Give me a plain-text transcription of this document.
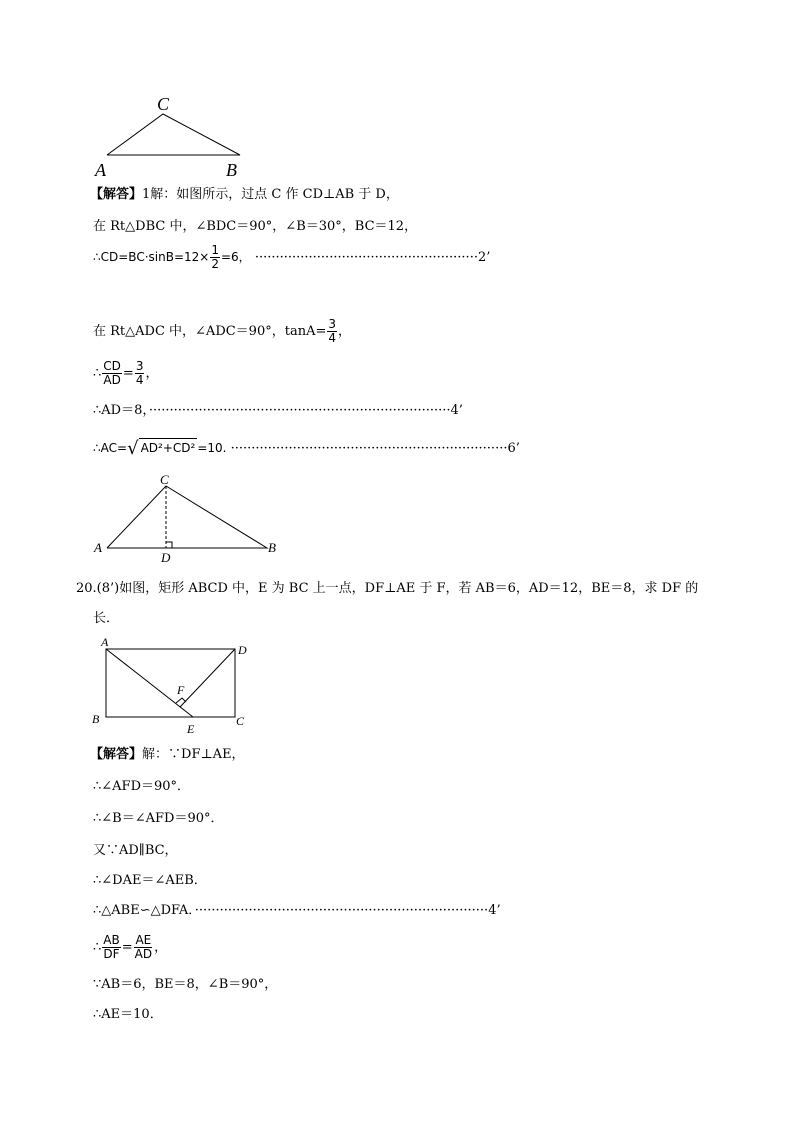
C
A	B
【解答】1解：如图所示，过点 C 作 CD⊥AB 于 D，
在 Rt△DBC 中，∠BDC＝90°，∠B＝30°，BC＝12，
∴CD=BC·sinB=12× $\frac{1}{2} =6$， ······················································2’
在 Rt△ADC 中，∠ADC＝90°，$\tan A= \frac{3}{4}$ ，
∴ $\frac{CD}{AD} = \frac{3}{4}$ ，
∴AD＝8，·········································································4’
∴AC=√ AD²+CD² =10. ···································································6’
C
A	B
D
20.(8’)如图，矩形 ABCD 中，E 为 BC 上一点，DF⊥AE 于 F，若 AB＝6，AD＝12，BE＝8，求 DF 的
长．
A
D
B	C
E
F
【解答】解：∵DF⊥AE，
∴∠AFD＝90°．
∴∠B＝∠AFD＝90°．
又∵AD∥BC，
∴∠DAE＝∠AEB．
∴△ABE∽△DFA．·······································································4’
∴ $\frac{AB}{DF} = \frac{AE}{AD}$ ，
∵AB＝6，BE＝8，∠B＝90°，
∴AE＝10．
